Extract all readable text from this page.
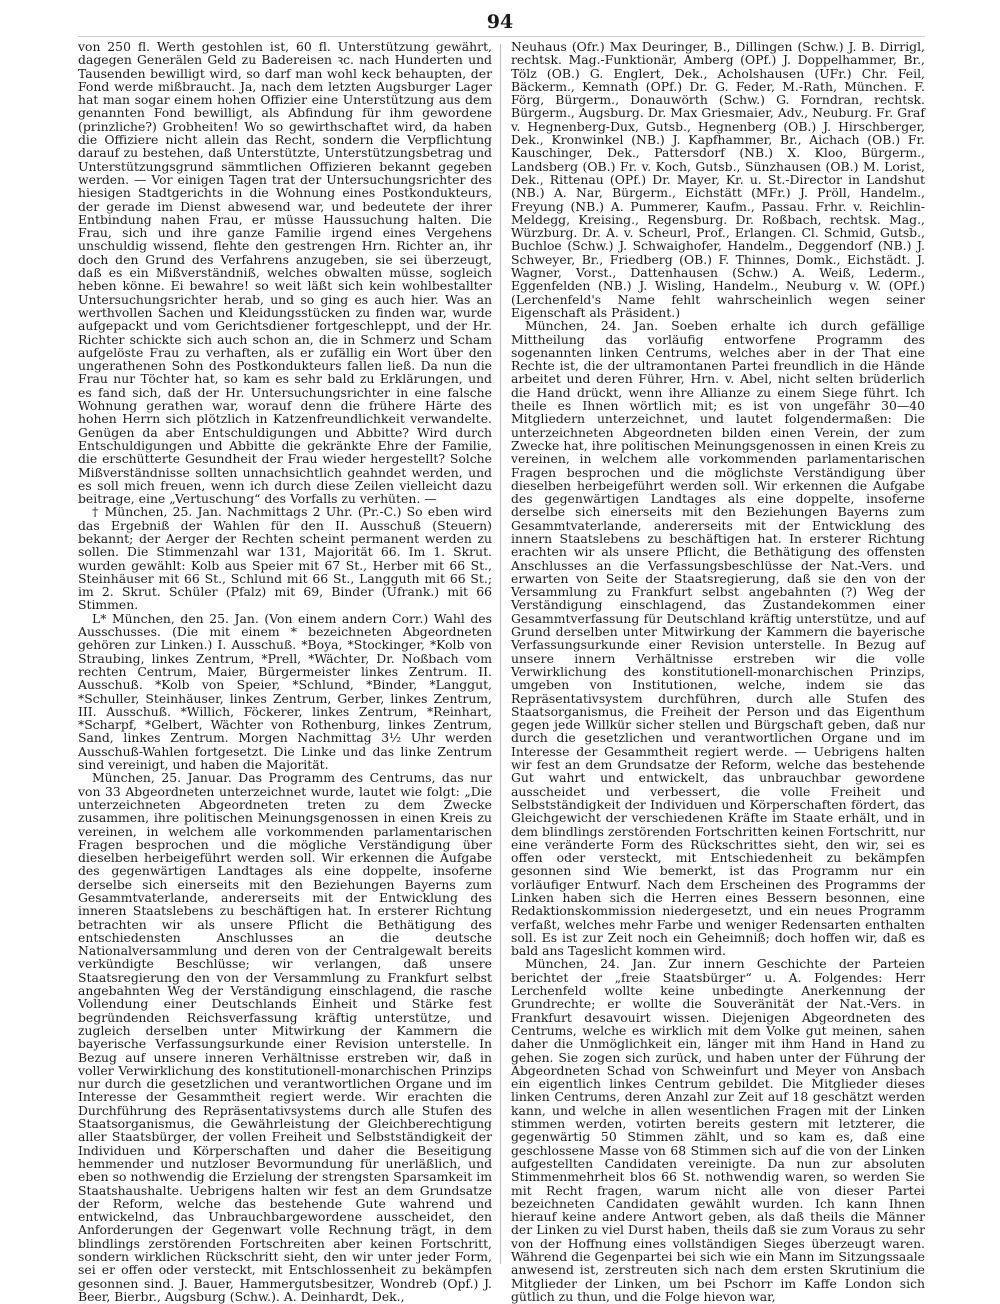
94

von 250 fl. Werth gestohlen ist, 60 fl. Unterstützung gewährt, dagegen Generälen Geld zu Badereisen ꝛc. nach Hunderten und Tausenden bewilligt wird, so darf man wohl keck behaupten, der Fond werde mißbraucht. Ja, nach dem letzten Augsburger Lager hat man sogar einem hohen Offizier eine Unterstützung aus dem genannten Fond bewilligt, als Abfindung für ihm gewordene (prinzliche?) Grobheiten! Wo so gewirthschaftet wird, da haben die Offiziere nicht allein das Recht, sondern die Verpflichtung darauf zu bestehen, daß Unterstützte, Unterstützungsbetrag und Unterstützungsgrund sämmtlichen Offizieren bekannt gegeben werden. — Vor einigen Tagen trat der Untersuchungsrichter des hiesigen Stadtgerichts in die Wohnung eines Postkondukteurs, der gerade im Dienst abwesend war, und bedeutete der ihrer Entbindung nahen Frau, er müsse Haussuchung halten. Die Frau, sich und ihre ganze Familie irgend eines Vergehens unschuldig wissend, flehte den gestrengen Hrn. Richter an, ihr doch den Grund des Verfahrens anzugeben, sie sei überzeugt, daß es ein Mißverständniß, welches obwalten müsse, sogleich heben könne. Ei bewahre! so weit läßt sich kein wohlbestallter Untersuchungsrichter herab, und so ging es auch hier. Was an werthvollen Sachen und Kleidungsstücken zu finden war, wurde aufgepackt und vom Gerichtsdiener fortgeschleppt, und der Hr. Richter schickte sich auch schon an, die in Schmerz und Scham aufgelöste Frau zu verhaften, als er zufällig ein Wort über den ungerathenen Sohn des Postkondukteurs fallen ließ. Da nun die Frau nur Töchter hat, so kam es sehr bald zu Erklärungen, und es fand sich, daß der Hr. Untersuchungsrichter in eine falsche Wohnung gerathen war, worauf denn die frühere Härte des hohen Herrn sich plötzlich in Katzenfreundlichkeit verwandelte. Genügen da aber Entschuldigungen und Abbitte? Wird durch Entschuldigungen und Abbitte die gekränkte Ehre der Familie, die erschütterte Gesundheit der Frau wieder hergestellt? Solche Mißverständnisse sollten unnachsichtlich geahndet werden, und es soll mich freuen, wenn ich durch diese Zeilen vielleicht dazu beitrage, eine „Vertuschung“ des Vorfalls zu verhüten. —

† München, 25. Jan. Nachmittags 2 Uhr. (Pr.-C.) So eben wird das Ergebniß der Wahlen für den II. Ausschuß (Steuern) bekannt; der Aerger der Rechten scheint permanent werden zu sollen. Die Stimmenzahl war 131, Majorität 66. Im 1. Skrut. wurden gewählt: Kolb aus Speier mit 67 St., Herber mit 66 St., Steinhäuser mit 66 St., Schlund mit 66 St., Langguth mit 66 St.; im 2. Skrut. Schüler (Pfalz) mit 69, Binder (Ufrank.) mit 66 Stimmen.

L* München, den 25. Jan. (Von einem andern Corr.) Wahl des Ausschusses. (Die mit einem * bezeichneten Abgeordneten gehören zur Linken.) I. Ausschuß. *Boya, *Stockinger, *Kolb von Straubing, linkes Zentrum, *Prell, *Wächter, Dr. Noßbach vom rechten Centrum, Maier, Bürgermeister linkes Zentrum. II. Ausschuß. *Kolb von Speier, *Schlund, *Binder, *Langgut, *Schuller, Steinhäuser, linkes Zentrum, Gerber, linkes Zentrum, III. Ausschuß. *Willich, Föckerer, linkes Zentrum, *Reinhart, *Scharpf, *Gelbert, Wächter von Rothenburg, linkes Zentrum, Sand, linkes Zentrum. Morgen Nachmittag 3½ Uhr werden Ausschuß-Wahlen fortgesetzt. Die Linke und das linke Zentrum sind vereinigt, und haben die Majorität.

München, 25. Januar. Das Programm des Centrums, das nur von 33 Abgeordneten unterzeichnet wurde, lautet wie folgt: „Die unterzeichneten Abgeordneten treten zu dem Zwecke zusammen, ihre politischen Meinungsgenossen in einen Kreis zu vereinen, in welchem alle vorkommenden parlamentarischen Fragen besprochen und die mögliche Verständigung über dieselben herbeigeführt werden soll. Wir erkennen die Aufgabe des gegenwärtigen Landtages als eine doppelte, insoferne derselbe sich einerseits mit den Beziehungen Bayerns zum Gesammtvaterlande, andererseits mit der Entwicklung des inneren Staatslebens zu beschäftigen hat. In ersterer Richtung betrachten wir als unsere Pflicht die Bethätigung des entschiedensten Anschlusses an die deutsche Nationalversammlung und deren von der Centralgewalt bereits verkündigte Beschlüsse; wir verlangen, daß unsere Staatsregierung den von der Versammlung zu Frankfurt selbst angebahnten Weg der Verständigung einschlagend, die rasche Vollendung einer Deutschlands Einheit und Stärke fest begründenden Reichsverfassung kräftig unterstütze, und zugleich derselben unter Mitwirkung der Kammern die bayerische Verfassungsurkunde einer Revision unterstelle. In Bezug auf unsere inneren Verhältnisse erstreben wir, daß in voller Verwirklichung des konstitutionell-monarchischen Prinzips nur durch die gesetzlichen und verantwortlichen Organe und im Interesse der Gesammtheit regiert werde. Wir erachten die Durchführung des Repräsentativsystems durch alle Stufen des Staatsorganismus, die Gewährleistung der Gleichberechtigung aller Staatsbürger, der vollen Freiheit und Selbstständigkeit der Individuen und Körperschaften und daher die Beseitigung hemmender und nutzloser Bevormundung für unerläßlich, und eben so nothwendig die Erzielung der strengsten Sparsamkeit im Staatshaushalte. Uebrigens halten wir fest an dem Grundsatze der Reform, welche das bestehende Gute wahrend und entwickelnd, das Unbrauchbargewordene ausscheidet, den Anforderungen der Gegenwart volle Rechnung trägt, in dem blindlings zerstörenden Fortschreiten aber keinen Fortschritt, sondern wirklichen Rückschritt sieht, den wir unter jeder Form, sei er offen oder versteckt, mit Entschlossenheit zu bekämpfen gesonnen sind. J. Bauer, Hammergutsbesitzer, Wondreb (Opf.) J. Beer, Bierbr., Augsburg (Schw.). A. Deinhardt, Dek.,

Neuhaus (Ofr.) Max Deuringer, B., Dillingen (Schw.) J. B. Dirrigl, rechtsk. Mag.-Funktionär, Amberg (OPf.) J. Doppelhammer, Br., Tölz (OB.) G. Englert, Dek., Acholshausen (UFr.) Chr. Feil, Bäckerm., Kemnath (OPf.) Dr. G. Feder, M.-Rath, München. F. Förg, Bürgerm., Donauwörth (Schw.) G. Forndran, rechtsk. Bürgerm., Augsburg. Dr. Max Griesmaier, Adv., Neuburg. Fr. Graf v. Hegnenberg-Dux, Gutsb., Hegnenberg (OB.) J. Hirschberger, Dek., Kronwinkel (NB.) J. Kapfhammer, Br., Aichach (OB.) Fr. Kauschinger, Dek., Pattersdorf (NB.) X. Kloo, Bürgerm., Landsberg (OB.) Fr. v. Koch, Gutsb., Sünzhausen (OB.) M. Lorist, Dek., Rittenau (OPf.) Dr. Mayer, Kr. u. St.-Director in Landshut (NB.) A. Nar, Bürgerm., Eichstätt (MFr.) J. Pröll, Handelm., Freyung (NB.) A. Pummerer, Kaufm., Passau. Frhr. v. Reichlin-Meldegg, Kreising., Regensburg. Dr. Roßbach, rechtsk. Mag., Würzburg. Dr. A. v. Scheurl, Prof., Erlangen. Cl. Schmid, Gutsb., Buchloe (Schw.) J. Schwaighofer, Handelm., Deggendorf (NB.) J. Schweyer, Br., Friedberg (OB.) F. Thinnes, Domk., Eichstädt. J. Wagner, Vorst., Dattenhausen (Schw.) A. Weiß, Lederm., Eggenfelden (NB.) J. Wisling, Handelm., Neuburg v. W. (OPf.) (Lerchenfeld's Name fehlt wahrscheinlich wegen seiner Eigenschaft als Präsident.)

München, 24. Jan. Soeben erhalte ich durch gefällige Mittheilung das vorläufig entworfene Programm des sogenannten linken Centrums, welches aber in der That eine Rechte ist, die der ultramontanen Partei freundlich in die Hände arbeitet und deren Führer, Hrn. v. Abel, nicht selten brüderlich die Hand drückt, wenn ihre Allianze zu einem Siege führt. Ich theile es Ihnen wörtlich mit; es ist von ungefähr 30—40 Mitgliedern unterzeichnet, und lautet folgendermaßen: Die unterzeichneten Abgeordneten bilden einen Verein, der zum Zwecke hat, ihre politischen Meinungsgenossen in einen Kreis zu vereinen, in welchem alle vorkommenden parlamentarischen Fragen besprochen und die möglichste Verständigung über dieselben herbeigeführt werden soll. Wir erkennen die Aufgabe des gegenwärtigen Landtages als eine doppelte, insoferne derselbe sich einerseits mit den Beziehungen Bayerns zum Gesammtvaterlande, andererseits mit der Entwicklung des innern Staatslebens zu beschäftigen hat. In ersterer Richtung erachten wir als unsere Pflicht, die Bethätigung des offensten Anschlusses an die Verfassungsbeschlüsse der Nat.-Vers. und erwarten von Seite der Staatsregierung, daß sie den von der Versammlung zu Frankfurt selbst angebahnten (?) Weg der Verständigung einschlagend, das Zustandekommen einer Gesammtverfassung für Deutschland kräftig unterstütze, und auf Grund derselben unter Mitwirkung der Kammern die bayerische Verfassungsurkunde einer Revision unterstelle. In Bezug auf unsere innern Verhältnisse erstreben wir die volle Verwirklichung des konstitutionell-monarchischen Prinzips, umgeben von Institutionen, welche, indem sie das Repräsentativsystem durchführen, durch alle Stufen des Staatsorganismus, die Freiheit der Person und das Eigenthum gegen jede Willkür sicher stellen und Bürgschaft geben, daß nur durch die gesetzlichen und verantwortlichen Organe und im Interesse der Gesammtheit regiert werde. — Uebrigens halten wir fest an dem Grundsatze der Reform, welche das bestehende Gut wahrt und entwickelt, das unbrauchbar gewordene ausscheidet und verbessert, die volle Freiheit und Selbstständigkeit der Individuen und Körperschaften fördert, das Gleichgewicht der verschiedenen Kräfte im Staate erhält, und in dem blindlings zerstörenden Fortschritten keinen Fortschritt, nur eine veränderte Form des Rückschrittes sieht, den wir, sei es offen oder versteckt, mit Entschiedenheit zu bekämpfen gesonnen sind Wie bemerkt, ist das Programm nur ein vorläufiger Entwurf. Nach dem Erscheinen des Programms der Linken haben sich die Herren eines Bessern besonnen, eine Redaktionskommission niedergesetzt, und ein neues Programm verfaßt, welches mehr Farbe und weniger Redensarten enthalten soll. Es ist zur Zeit noch ein Geheimniß; doch hoffen wir, daß es bald ans Tageslicht kommen wird.

München, 24. Jan. Zur innern Geschichte der Parteien berichtet der „freie Staatsbürger“ u. A. Folgendes: Herr Lerchenfeld wollte keine unbedingte Anerkennung der Grundrechte; er wollte die Souveränität der Nat.-Vers. in Frankfurt desavouirt wissen. Diejenigen Abgeordneten des Centrums, welche es wirklich mit dem Volke gut meinen, sahen daher die Unmöglichkeit ein, länger mit ihm Hand in Hand zu gehen. Sie zogen sich zurück, und haben unter der Führung der Abgeordneten Schad von Schweinfurt und Meyer von Ansbach ein eigentlich linkes Centrum gebildet. Die Mitglieder dieses linken Centrums, deren Anzahl zur Zeit auf 18 geschätzt werden kann, und welche in allen wesentlichen Fragen mit der Linken stimmen werden, votirten bereits gestern mit letzterer, die gegenwärtig 50 Stimmen zählt, und so kam es, daß eine geschlossene Masse von 68 Stimmen sich auf die von der Linken aufgestellten Candidaten vereinigte. Da nun zur absoluten Stimmenmehrheit blos 66 St. nothwendig waren, so werden Sie mit Recht fragen, warum nicht alle von dieser Partei bezeichneten Candidaten gewählt wurden. Ich kann Ihnen hierauf keine andere Antwort geben, als daß theils die Männer der Linken zu viel Durst haben, theils daß sie zum Voraus zu sehr von der Hoffnung eines vollständigen Sieges überzeugt waren. Während die Gegenpartei bei sich wie ein Mann im Sitzungssaale anwesend ist, zerstreuten sich nach dem ersten Skrutinium die Mitglieder der Linken, um bei Pschorr im Kaffe London sich gütlich zu thun, und die Folge hievon war,
